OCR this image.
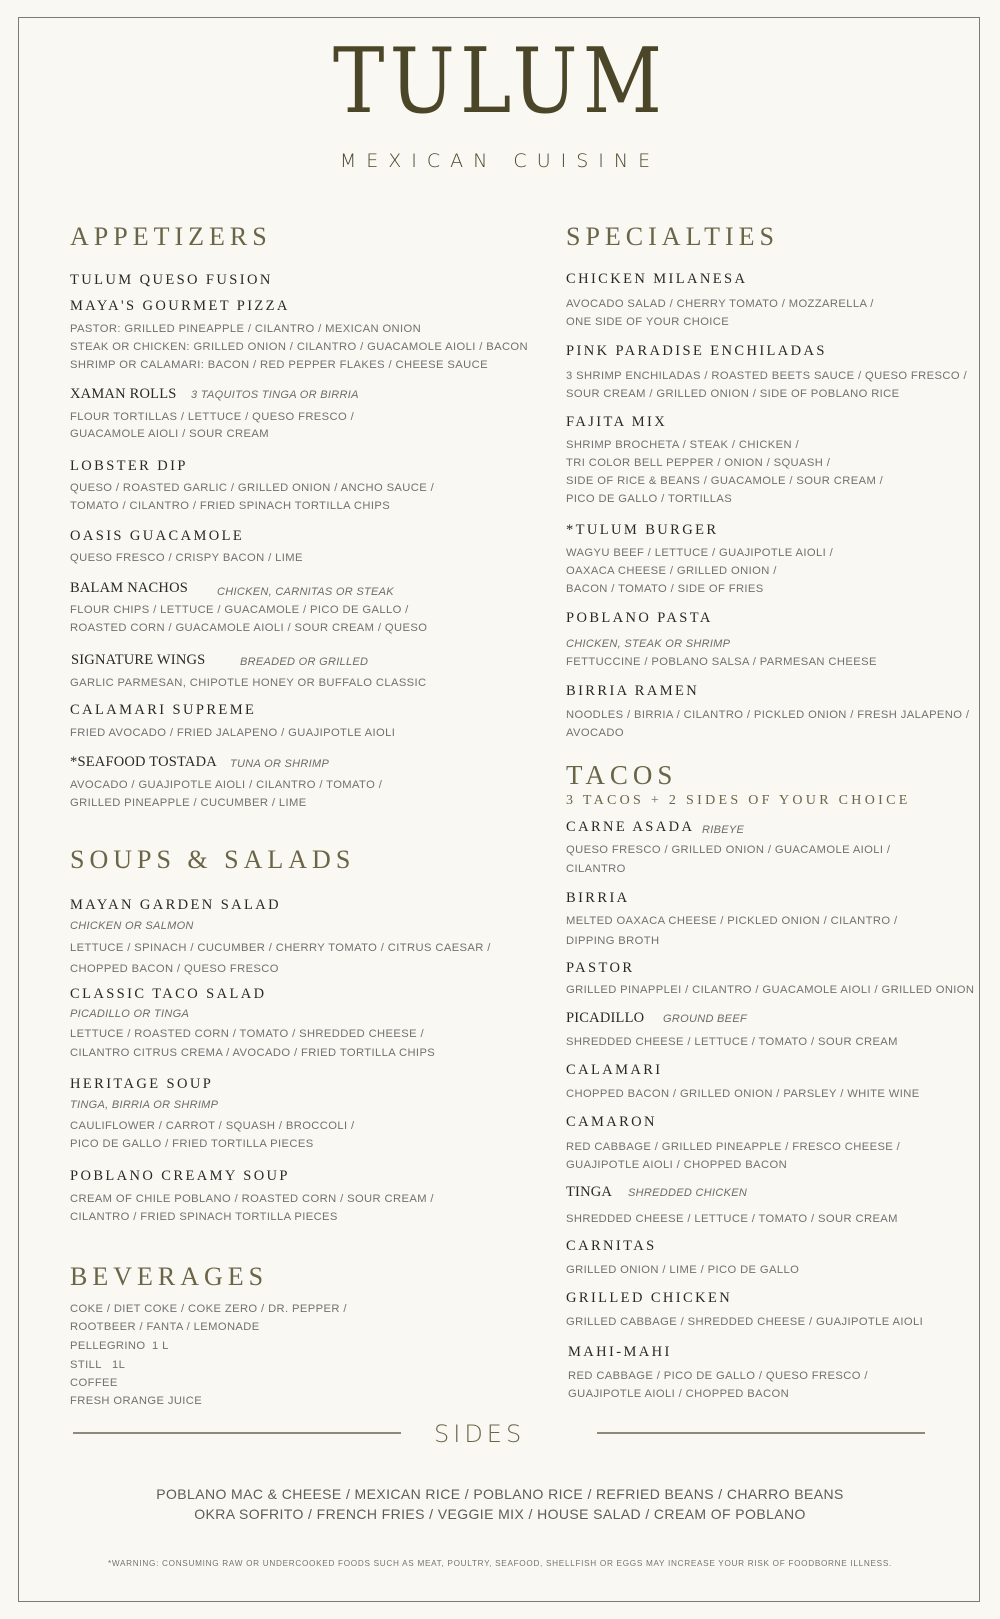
TULUM
MEXICAN CUISINE
APPETIZERS
TULUM QUESO FUSION
MAYA'S GOURMET PIZZA
PASTOR: GRILLED PINEAPPLE / CILANTRO / MEXICAN ONION
STEAK OR CHICKEN: GRILLED ONION / CILANTRO / GUACAMOLE AIOLI / BACON
SHRIMP OR CALAMARI: BACON / RED PEPPER FLAKES / CHEESE SAUCE
XAMAN ROLLS 3 TAQUITOS TINGA OR BIRRIA
FLOUR TORTILLAS / LETTUCE / QUESO FRESCO /
GUACAMOLE AIOLI / SOUR CREAM
LOBSTER DIP
QUESO / ROASTED GARLIC / GRILLED ONION / ANCHO SAUCE /
TOMATO / CILANTRO / FRIED SPINACH TORTILLA CHIPS
OASIS GUACAMOLE
QUESO FRESCO / CRISPY BACON / LIME
BALAM NACHOS	CHICKEN, CARNITAS OR STEAK
FLOUR CHIPS / LETTUCE / GUACAMOLE / PICO DE GALLO /
ROASTED CORN / GUACAMOLE AIOLI / SOUR CREAM / QUESO
SIGNATURE WINGS	BREADED OR GRILLED
GARLIC PARMESAN, CHIPOTLE HONEY OR BUFFALO CLASSIC
CALAMARI SUPREME
FRIED AVOCADO / FRIED JALAPENO / GUAJIPOTLE AIOLI
*SEAFOOD TOSTADA TUNA OR SHRIMP
AVOCADO / GUAJIPOTLE AIOLI / CILANTRO / TOMATO /
GRILLED PINEAPPLE / CUCUMBER / LIME
SOUPS & SALADS
MAYAN GARDEN SALAD
CHICKEN OR SALMON
LETTUCE / SPINACH / CUCUMBER / CHERRY TOMATO / CITRUS CAESAR /
CHOPPED BACON / QUESO FRESCO
CLASSIC TACO SALAD
PICADILLO OR TINGA
LETTUCE / ROASTED CORN / TOMATO / SHREDDED CHEESE /
CILANTRO CITRUS CREMA / AVOCADO / FRIED TORTILLA CHIPS
HERITAGE SOUP
TINGA, BIRRIA OR SHRIMP
CAULIFLOWER / CARROT / SQUASH / BROCCOLI /
PICO DE GALLO / FRIED TORTILLA PIECES
POBLANO CREAMY SOUP
CREAM OF CHILE POBLANO / ROASTED CORN / SOUR CREAM /
CILANTRO / FRIED SPINACH TORTILLA PIECES
BEVERAGES
COKE / DIET COKE / COKE ZERO / DR. PEPPER /
ROOTBEER / FANTA / LEMONADE
PELLEGRINO 1 L
STILL 1L
COFFEE
FRESH ORANGE JUICE
SPECIALTIES
CHICKEN MILANESA
AVOCADO SALAD / CHERRY TOMATO / MOZZARELLA /
ONE SIDE OF YOUR CHOICE
PINK PARADISE ENCHILADAS
3 SHRIMP ENCHILADAS / ROASTED BEETS SAUCE / QUESO FRESCO /
SOUR CREAM / GRILLED ONION / SIDE OF POBLANO RICE
FAJITA MIX
SHRIMP BROCHETA / STEAK / CHICKEN /
TRI COLOR BELL PEPPER / ONION / SQUASH /
SIDE OF RICE & BEANS / GUACAMOLE / SOUR CREAM /
PICO DE GALLO / TORTILLAS
*TULUM BURGER
WAGYU BEEF / LETTUCE / GUAJIPOTLE AIOLI /
OAXACA CHEESE / GRILLED ONION /
BACON / TOMATO / SIDE OF FRIES
POBLANO PASTA
CHICKEN, STEAK OR SHRIMP
FETTUCCINE / POBLANO SALSA / PARMESAN CHEESE
BIRRIA RAMEN
NOODLES / BIRRIA / CILANTRO / PICKLED ONION / FRESH JALAPENO /
AVOCADO
TACOS
3 TACOS + 2 SIDES OF YOUR CHOICE
CARNE ASADA RIBEYE
QUESO FRESCO / GRILLED ONION / GUACAMOLE AIOLI /
CILANTRO
BIRRIA
MELTED OAXACA CHEESE / PICKLED ONION / CILANTRO /
DIPPING BROTH
PASTOR
GRILLED PINAPPLEI / CILANTRO / GUACAMOLE AIOLI / GRILLED ONION
PICADILLO GROUND BEEF
SHREDDED CHEESE / LETTUCE / TOMATO / SOUR CREAM
CALAMARI
CHOPPED BACON / GRILLED ONION / PARSLEY / WHITE WINE
CAMARON
RED CABBAGE / GRILLED PINEAPPLE / FRESCO CHEESE /
GUAJIPOTLE AIOLI / CHOPPED BACON
TINGA SHREDDED CHICKEN
SHREDDED CHEESE / LETTUCE / TOMATO / SOUR CREAM
CARNITAS
GRILLED ONION / LIME / PICO DE GALLO
GRILLED CHICKEN
GRILLED CABBAGE / SHREDDED CHEESE / GUAJIPOTLE AIOLI
MAHI-MAHI
RED CABBAGE / PICO DE GALLO / QUESO FRESCO /
GUAJIPOTLE AIOLI / CHOPPED BACON
SIDES
POBLANO MAC & CHEESE / MEXICAN RICE / POBLANO RICE / REFRIED BEANS / CHARRO BEANS
OKRA SOFRITO / FRENCH FRIES / VEGGIE MIX / HOUSE SALAD / CREAM OF POBLANO
*WARNING: CONSUMING RAW OR UNDERCOOKED FOODS SUCH AS MEAT, POULTRY, SEAFOOD, SHELLFISH OR EGGS MAY INCREASE YOUR RISK OF FOODBORNE ILLNESS.
